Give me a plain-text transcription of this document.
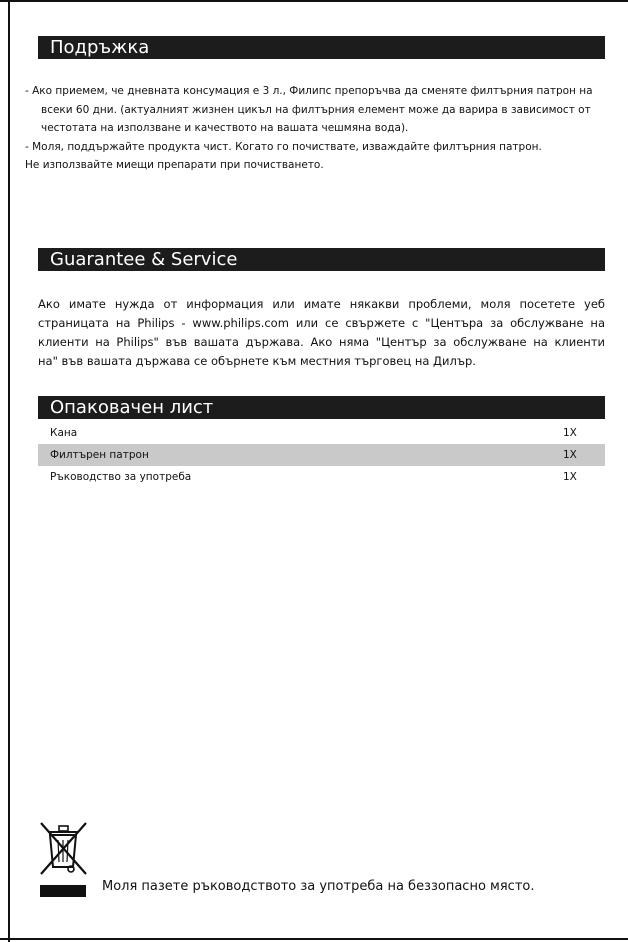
Подръжка
- Ако приемем, че дневната консумация е 3 л., Филипс препоръчва да сменяте филтърния патрон на
всеки 60 дни. (актуалният жизнен цикъл на филтърния елемент може да варира в зависимост от
честотата на използване и качеството на вашата чешмяна вода).
- Моля, поддържайте продукта чист. Когато го почиствате, изваждайте филтърния патрон.
Не използвайте миещи препарати при почистването.
Guarantee & Service
Ако имате нужда от информация или имате някакви проблеми, моля посетете уеб
страницата на Philips - www.philips.com или се свържете с "Центъра за обслужване на
клиенти на Philips" във вашата държава. Ако няма "Център за обслужване на клиенти
на" във вашата държава се обърнете към местния търговец на Дилър.
Опаковачен лист
Кана	1X
Филтърен патрон	1X
Ръководство за употреба	1X
Моля пазете ръководството за употреба на беззопасно място.
